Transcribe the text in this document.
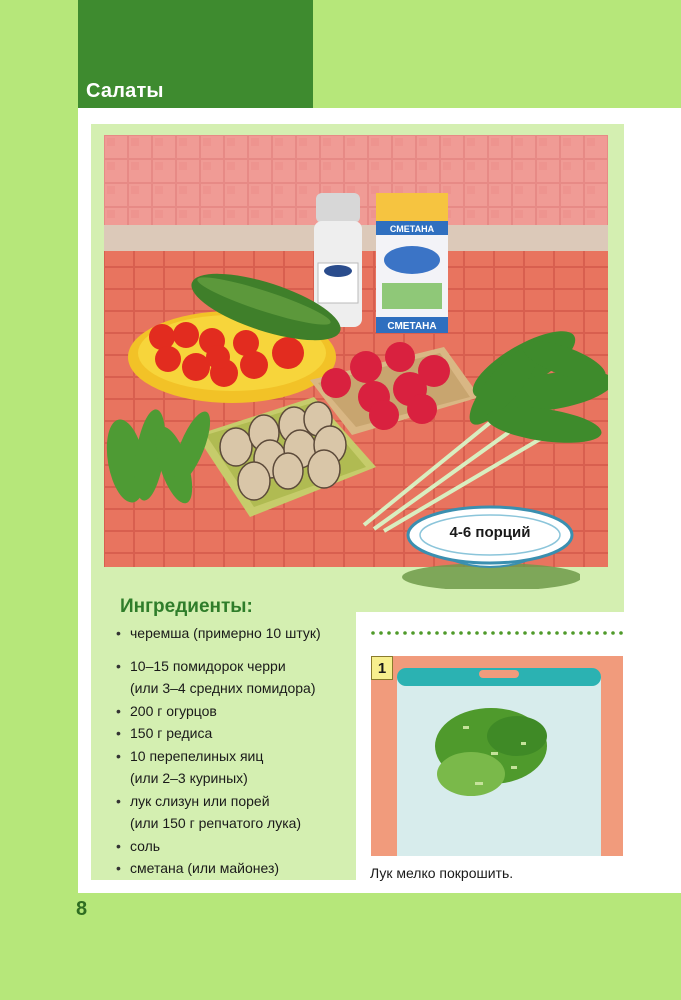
Салаты
СМЕТАНА
СМЕТАНА
4-6 порций
Ингредиенты:
• черемша (примерно 10 штук)
• 10–15 помидорок черри
(или 3–4 средних помидора)
• 200 г огурцов
• 150 г редиса
• 10 перепелиных яиц
(или 2–3 куриных)
• лук слизун или порей
(или 150 г репчатого лука)
• соль
• сметана (или майонез)
1
Лук мелко покрошить.
8
